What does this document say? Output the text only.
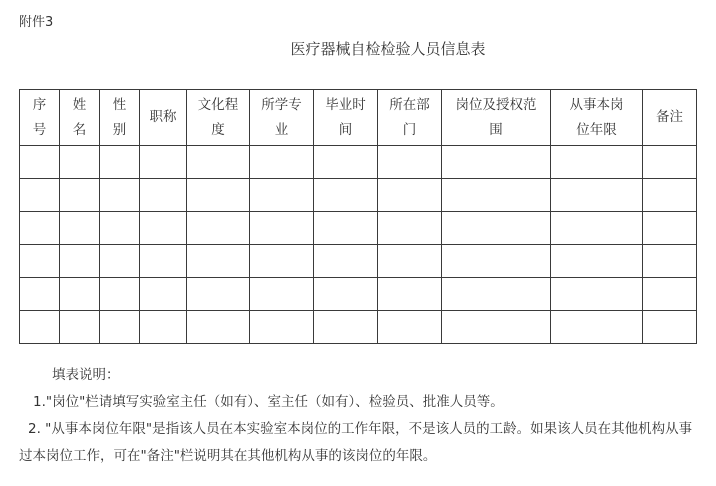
附件3
医疗器械自检检验人员信息表
序号	姓名	性别	职称	文化程度	所学专业	毕业时间	所在部门	岗位及授权范围	从事本岗位年限	备注

填表说明：
1."岗位"栏请填写实验室主任（如有）、室主任（如有）、检验员、批准人员等。
2. "从事本岗位年限"是指该人员在本实验室本岗位的工作年限，不是该人员的工龄。如果该人员在其他机构从事过本岗位工作，可在"备注"栏说明其在其他机构从事的该岗位的年限。
